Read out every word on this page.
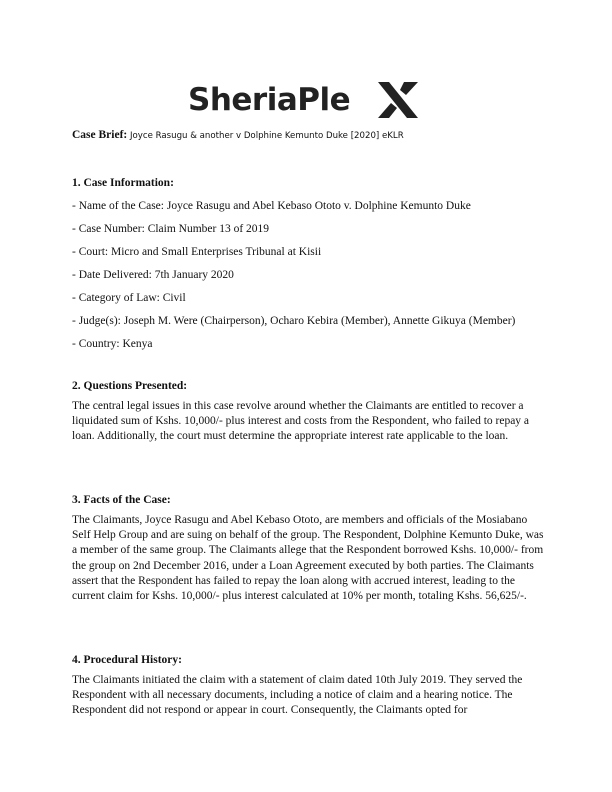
SheriaPle
Case Brief: Joyce Rasugu & another v Dolphine Kemunto Duke [2020] eKLR
1. Case Information:
- Name of the Case: Joyce Rasugu and Abel Kebaso Ototo v. Dolphine Kemunto Duke
- Case Number: Claim Number 13 of 2019
- Court: Micro and Small Enterprises Tribunal at Kisii
- Date Delivered: 7th January 2020
- Category of Law: Civil
- Judge(s): Joseph M. Were (Chairperson), Ocharo Kebira (Member), Annette Gikuya (Member)
- Country: Kenya
2. Questions Presented:

The central legal issues in this case revolve around whether the Claimants are entitled to recover a liquidated sum of Kshs. 10,000/- plus interest and costs from the Respondent, who failed to repay a loan. Additionally, the court must determine the appropriate interest rate applicable to the loan.

3. Facts of the Case:

The Claimants, Joyce Rasugu and Abel Kebaso Ototo, are members and officials of the Mosiabano Self Help Group and are suing on behalf of the group. The Respondent, Dolphine Kemunto Duke, was a member of the same group. The Claimants allege that the Respondent borrowed Kshs. 10,000/- from the group on 2nd December 2016, under a Loan Agreement executed by both parties. The Claimants assert that the Respondent has failed to repay the loan along with accrued interest, leading to the current claim for Kshs. 10,000/- plus interest calculated at 10% per month, totaling Kshs. 56,625/-.

4. Procedural History:

The Claimants initiated the claim with a statement of claim dated 10th July 2019. They served the Respondent with all necessary documents, including a notice of claim and a hearing notice. The Respondent did not respond or appear in court. Consequently, the Claimants opted for
